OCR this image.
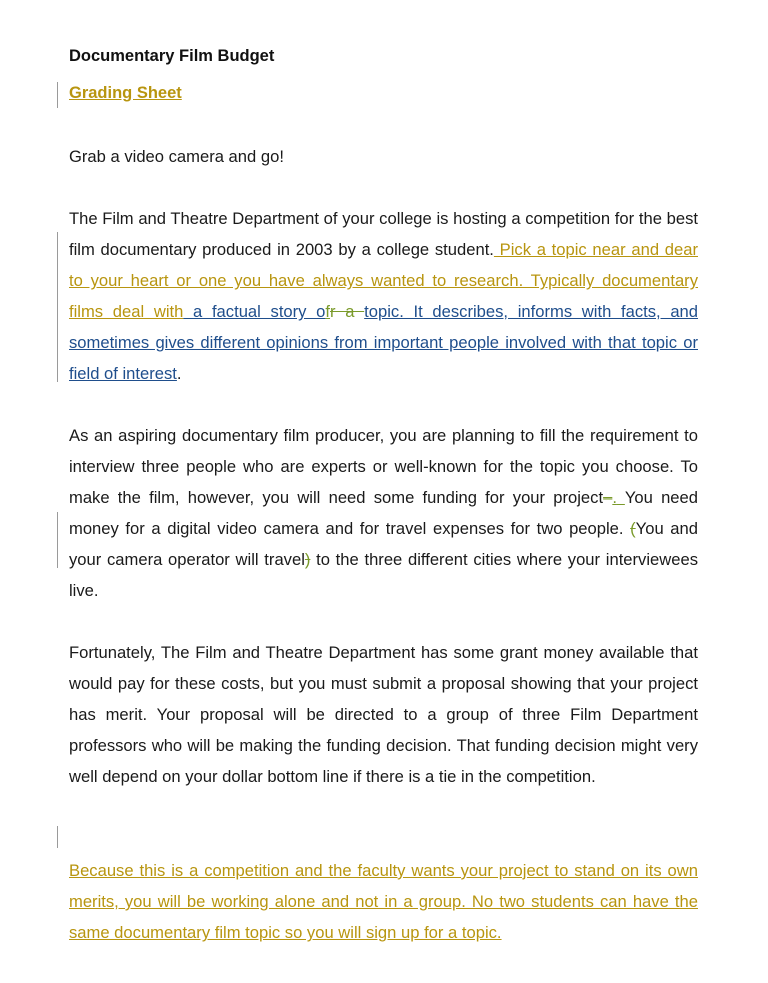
Documentary Film Budget
Grading Sheet
Grab a video camera and go!
The Film and Theatre Department of your college is hosting a competition for the best film documentary produced in 2003 by a college student. Pick a topic near and dear to your heart or one you have always wanted to research. Typically documentary films deal with a factual story ofr a topic. It describes, informs with facts, and sometimes gives different opinions from important people involved with that topic or field of interest.
As an aspiring documentary film producer, you are planning to fill the requirement to interview three people who are experts or well-known for the topic you choose. To make the film, however, you will need some funding for your project–. You need money for a digital video camera and for travel expenses for two people. (You and your camera operator will travel) to the three different cities where your interviewees live.
Fortunately, The Film and Theatre Department has some grant money available that would pay for these costs, but you must submit a proposal showing that your project has merit. Your proposal will be directed to a group of three Film Department professors who will be making the funding decision. That funding decision might very well depend on your dollar bottom line if there is a tie in the competition.
Because this is a competition and the faculty wants your project to stand on its own merits, you will be working alone and not in a group. No two students can have the same documentary film topic so you will sign up for a topic.
